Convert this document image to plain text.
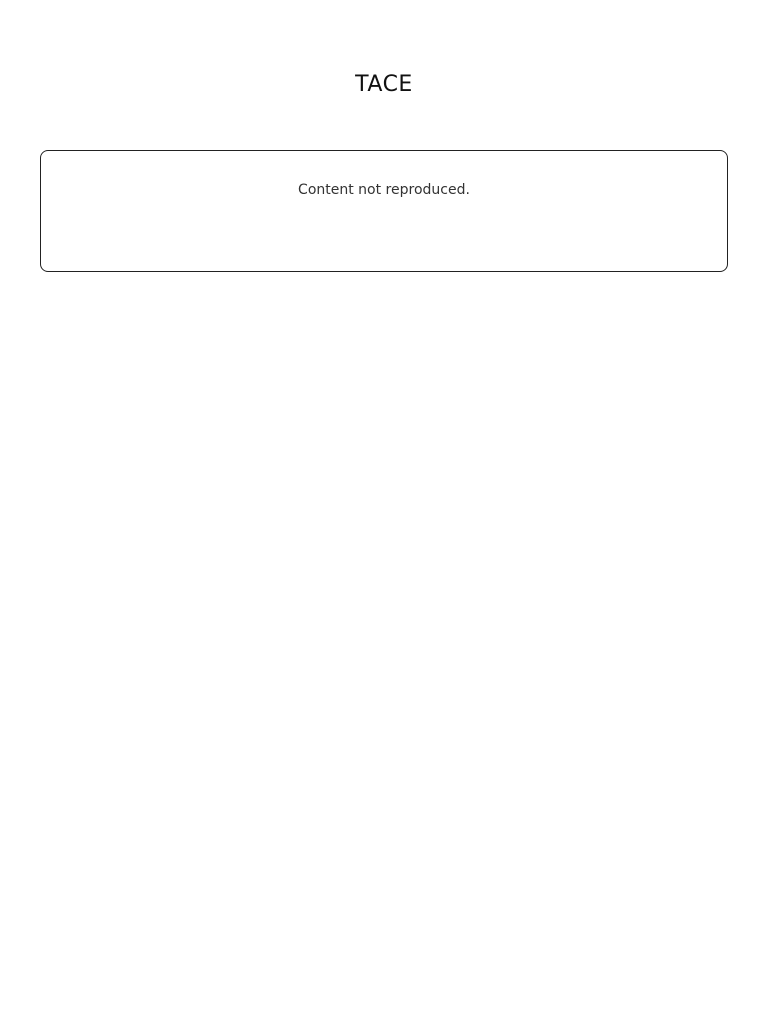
TACE
Content not reproduced.
